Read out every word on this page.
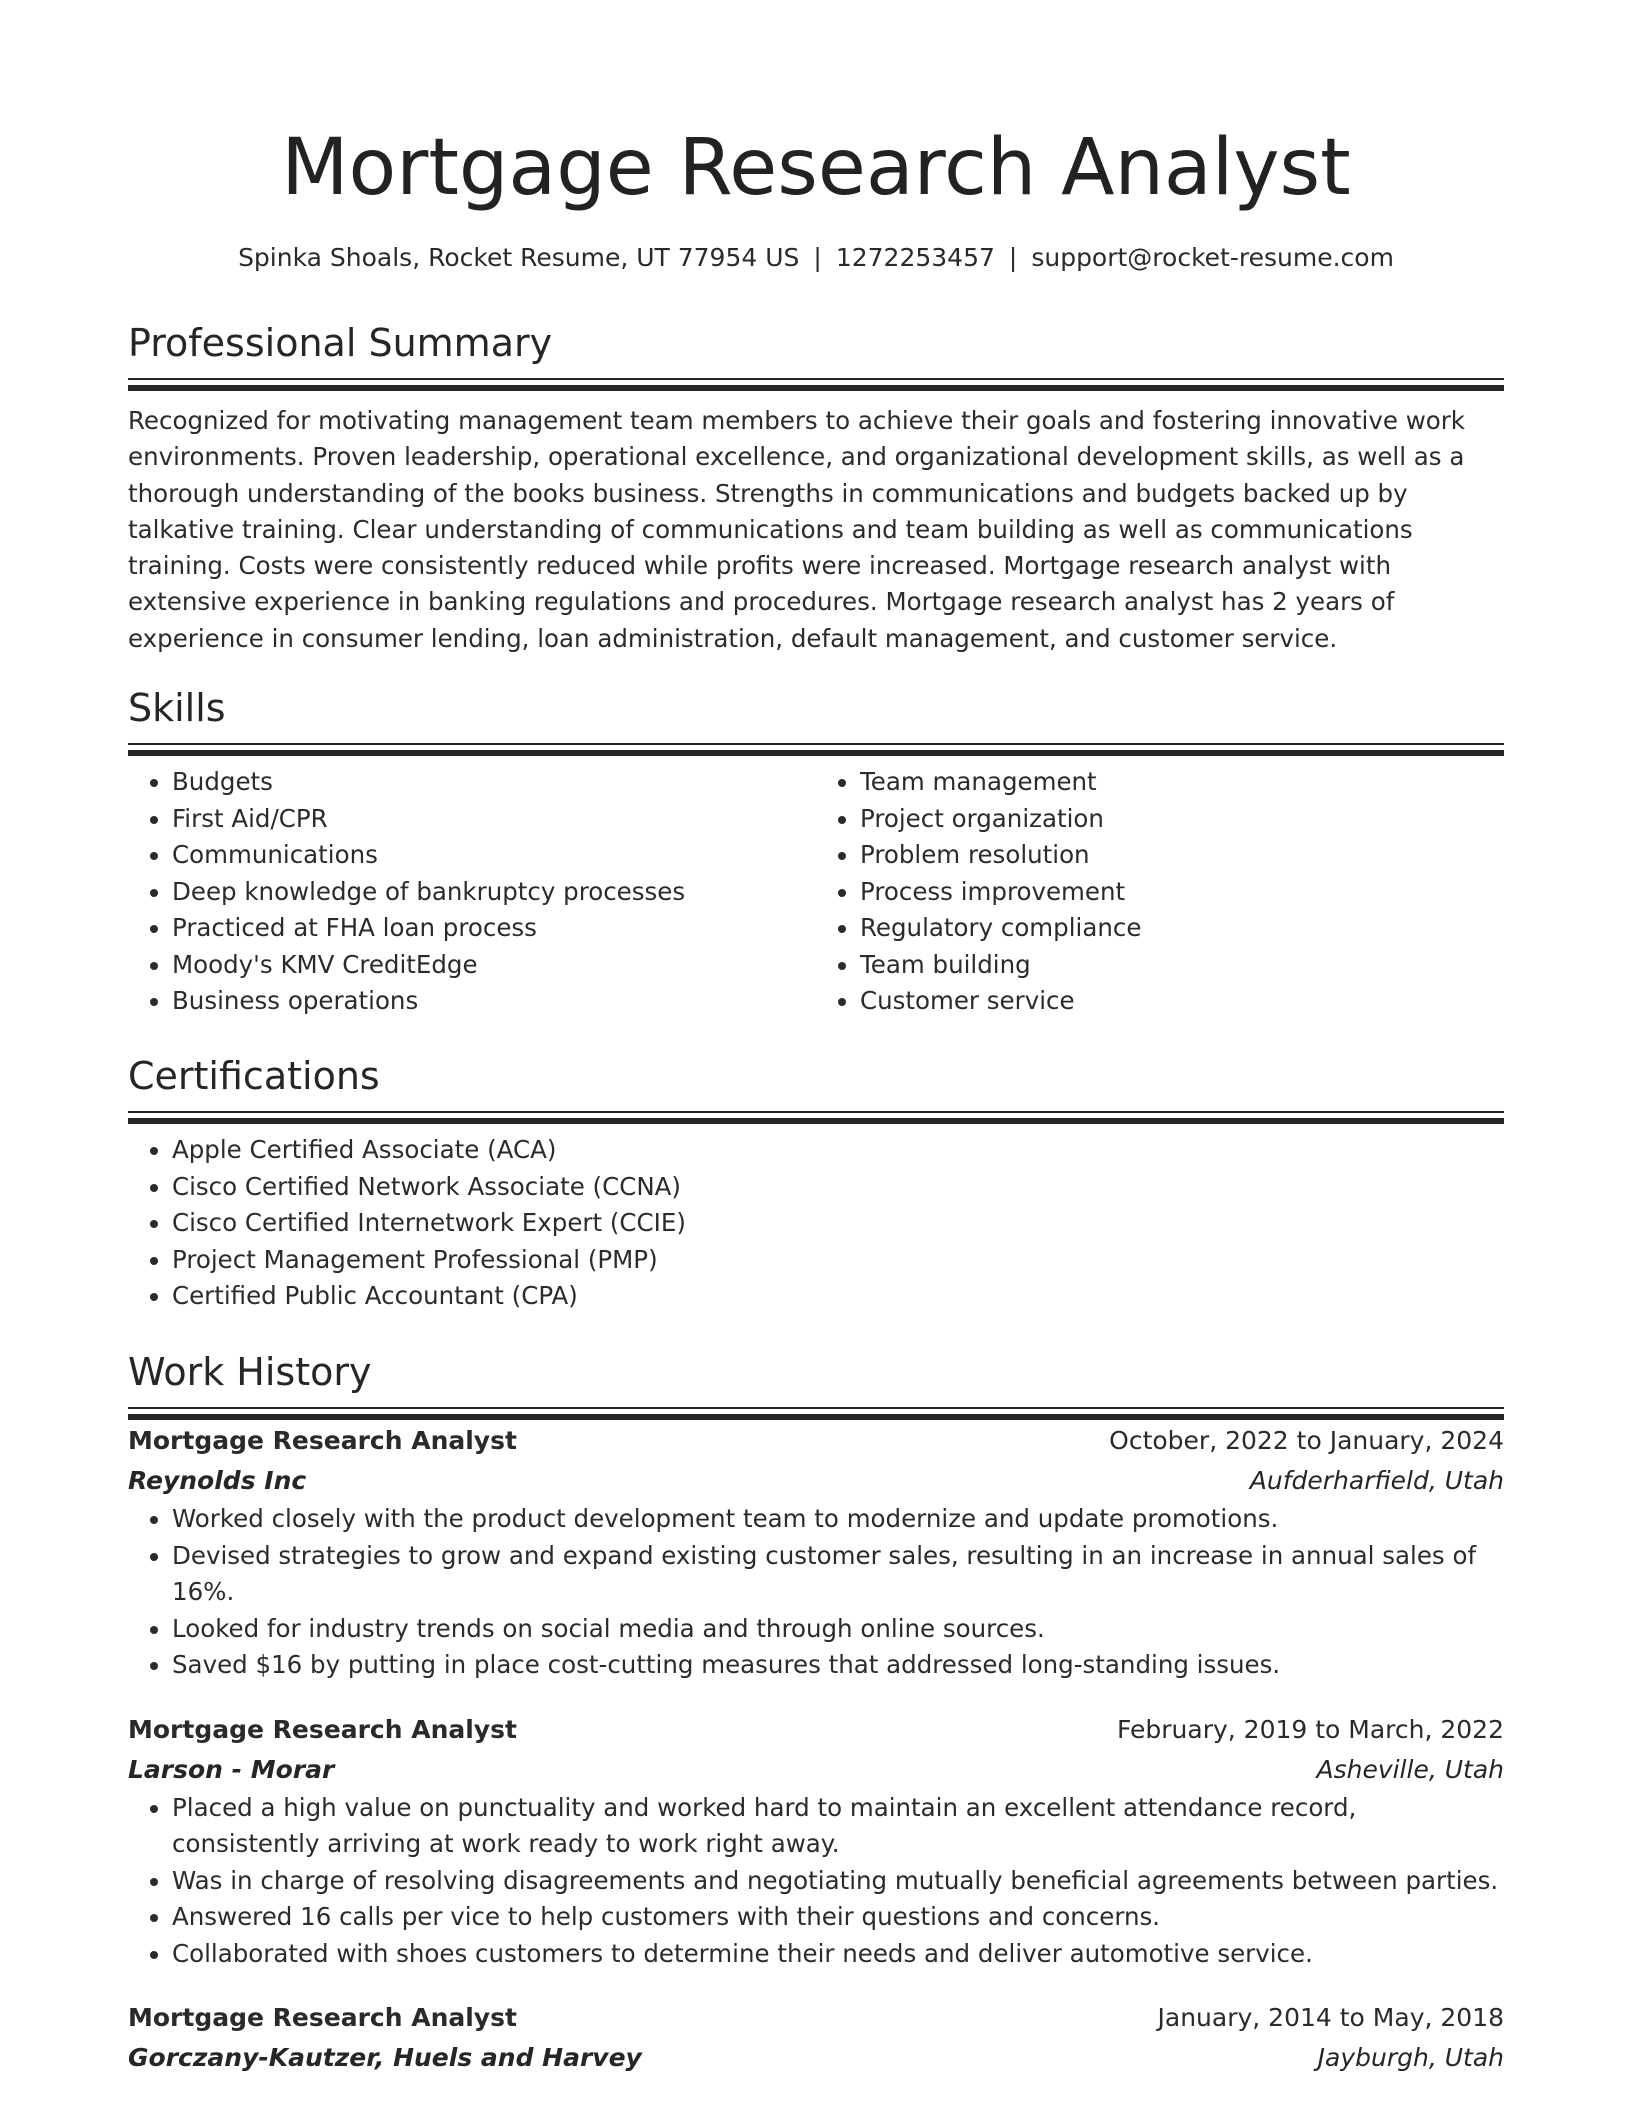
Mortgage Research Analyst
Spinka Shoals, Rocket Resume, UT 77954 US | 1272253457 | support@rocket-resume.com
Professional Summary

Recognized for motivating management team members to achieve their goals and fostering innovative work environments. Proven leadership, operational excellence, and organizational development skills, as well as a thorough understanding of the books business. Strengths in communications and budgets backed up by talkative training. Clear understanding of communications and team building as well as communications training. Costs were consistently reduced while profits were increased. Mortgage research analyst with extensive experience in banking regulations and procedures. Mortgage research analyst has 2 years of experience in consumer lending, loan administration, default management, and customer service.

Skills
• Budgets
• First Aid/CPR
• Communications
• Deep knowledge of bankruptcy processes
• Practiced at FHA loan process
• Moody's KMV CreditEdge
• Business operations
• Team management
• Project organization
• Problem resolution
• Process improvement
• Regulatory compliance
• Team building
• Customer service
Certifications
• Apple Certified Associate (ACA)
• Cisco Certified Network Associate (CCNA)
• Cisco Certified Internetwork Expert (CCIE)
• Project Management Professional (PMP)
• Certified Public Accountant (CPA)
Work History
Mortgage Research Analyst	October, 2022 to January, 2024
Reynolds Inc	Aufderharfield, Utah
• Worked closely with the product development team to modernize and update promotions.
• Devised strategies to grow and expand existing customer sales, resulting in an increase in annual sales of 16%.
• Looked for industry trends on social media and through online sources.
• Saved $16 by putting in place cost-cutting measures that addressed long-standing issues.
Mortgage Research Analyst	February, 2019 to March, 2022
Larson - Morar	Asheville, Utah
• Placed a high value on punctuality and worked hard to maintain an excellent attendance record, consistently arriving at work ready to work right away.
• Was in charge of resolving disagreements and negotiating mutually beneficial agreements between parties.
• Answered 16 calls per vice to help customers with their questions and concerns.
• Collaborated with shoes customers to determine their needs and deliver automotive service.
Mortgage Research Analyst	January, 2014 to May, 2018
Gorczany-Kautzer, Huels and Harvey	Jayburgh, Utah
